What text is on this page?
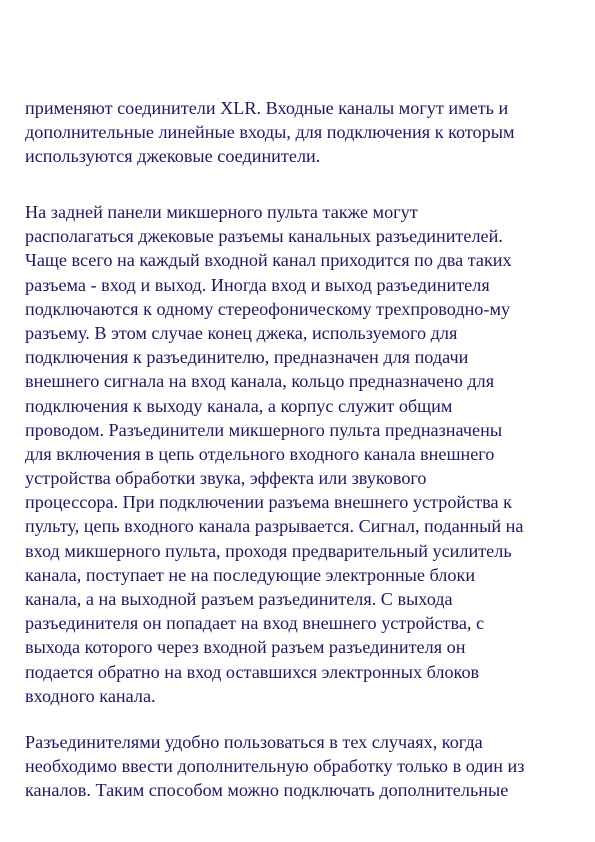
применяют соединители XLR. Входные каналы могут иметь и
дополнительные линейные входы, для подключения к которым
используются джековые соединители.
На задней панели микшерного пульта также могут
располагаться джековые разъемы канальных разъединителей.
Чаще всего на каждый входной канал приходится по два таких
разъема - вход и выход. Иногда вход и выход разъединителя
подключаются к одному стереофоническому трехпроводно-му
разъему. В этом случае конец джека, используемого для
подключения к разъединителю, предназначен для подачи
внешнего сигнала на вход канала, кольцо предназначено для
подключения к выходу канала, а корпус служит общим
проводом. Разъединители микшерного пульта предназначены
для включения в цепь отдельного входного канала внешнего
устройства обработки звука, эффекта или звукового
процессора. При подключении разъема внешнего устройства к
пульту, цепь входного канала разрывается. Сигнал, поданный на
вход микшерного пульта, проходя предварительный усилитель
канала, поступает не на последующие электронные блоки
канала, а на выходной разъем разъединителя. С выхода
разъединителя он попадает на вход внешнего устройства, с
выхода которого через входной разъем разъединителя он
подается обратно на вход оставшихся электронных блоков
входного канала.
Разъединителями удобно пользоваться в тех случаях, когда
необходимо ввести дополнительную обработку только в один из
каналов. Таким способом можно подключать дополнительные
